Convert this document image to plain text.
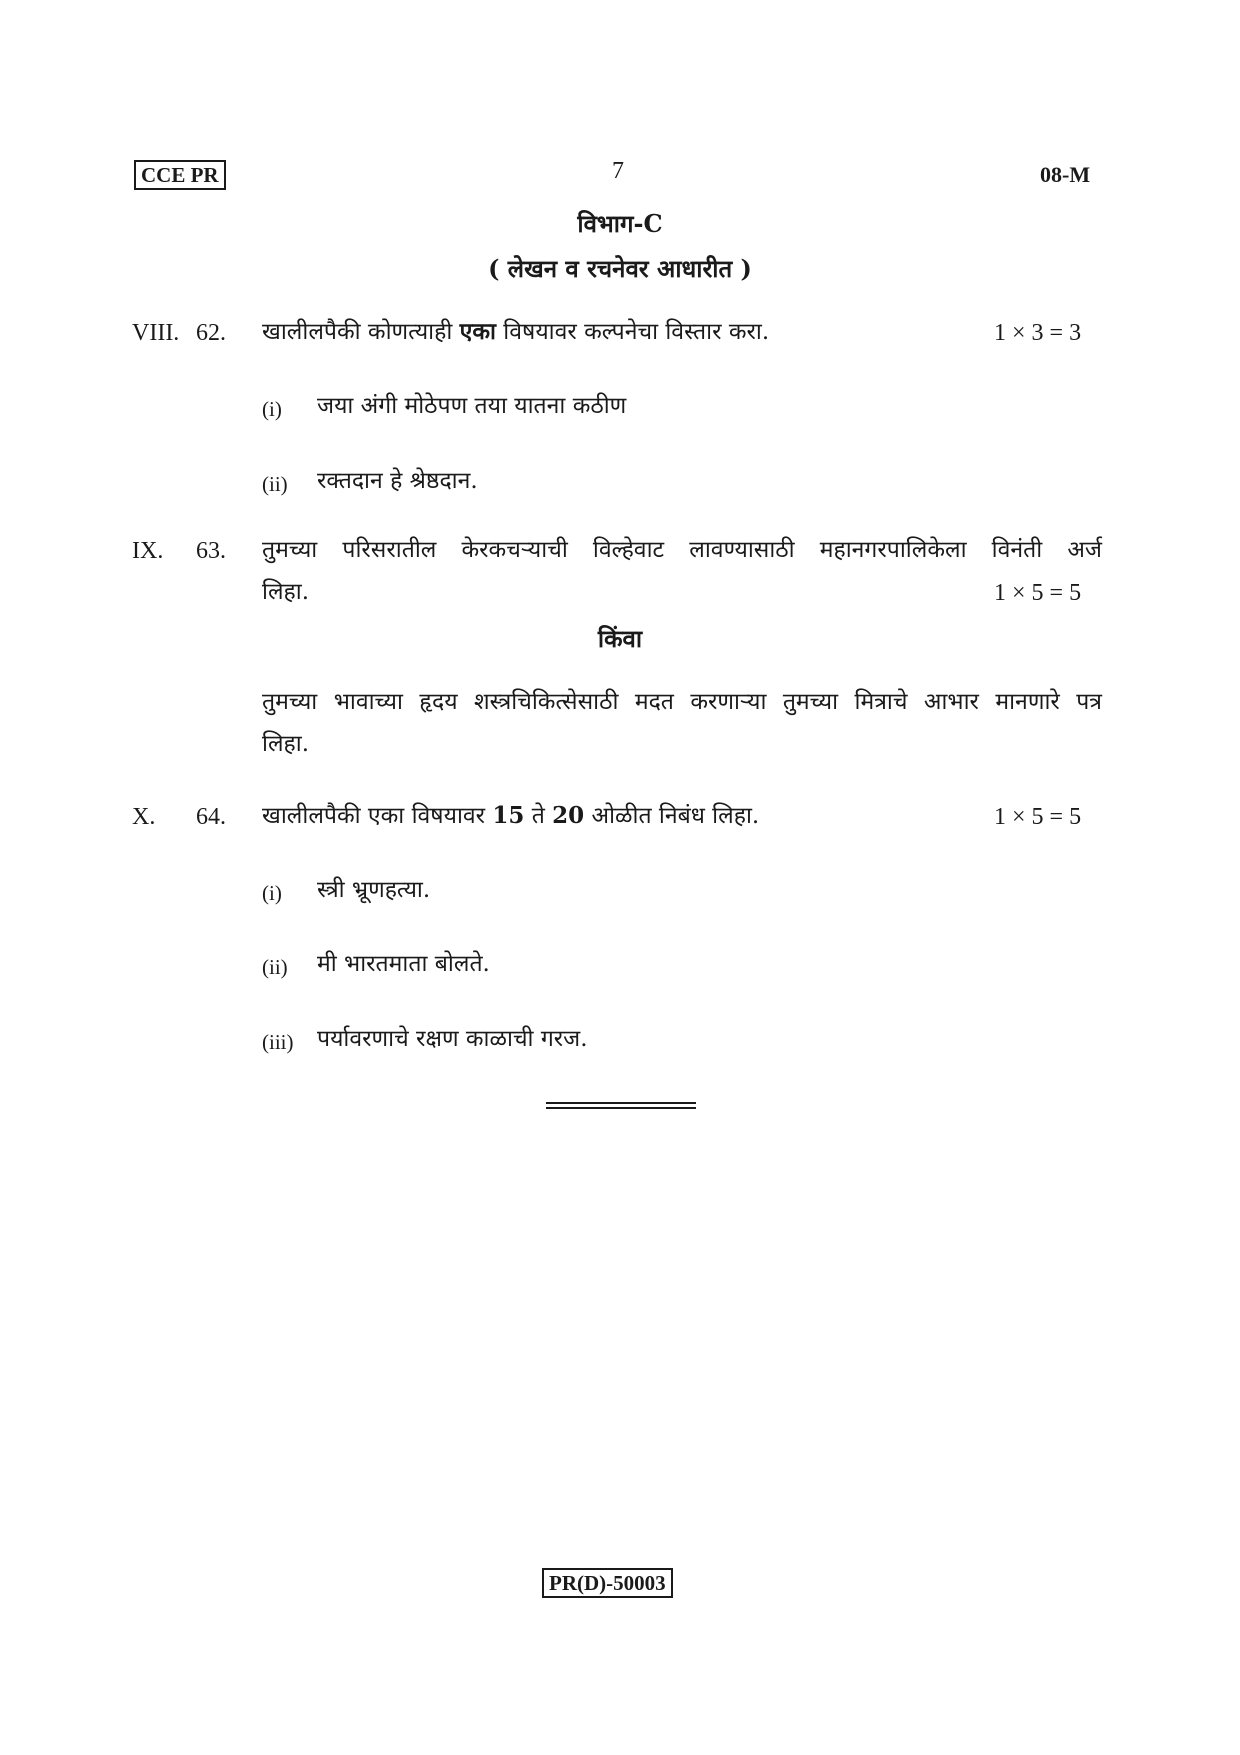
CCE PR	7	08-M
विभाग-C
( लेखन व रचनेवर आधारीत )
VIII. 62. खालीलपैकी कोणत्याही एका विषयावर कल्पनेचा विस्तार करा.	1 × 3 = 3
(i) जया अंगी मोठेपण तया यातना कठीण
(ii) रक्तदान हे श्रेष्ठदान.
IX. 63. तुमच्या परिसरातील केरकचऱ्याची विल्हेवाट लावण्यासाठी महानगरपालिकेला विनंती अर्ज
लिहा.	1 × 5 = 5
किंवा
तुमच्या भावाच्या हृदय शस्त्रचिकित्सेसाठी मदत करणाऱ्या तुमच्या मित्राचे आभार मानणारे पत्र
लिहा.
X. 64. खालीलपैकी एका विषयावर 15 ते 20 ओळीत निबंध लिहा.	1 × 5 = 5
(i) स्त्री भ्रूणहत्या.
(ii) मी भारतमाता बोलते.
(iii) पर्यावरणाचे रक्षण काळाची गरज.
PR(D)-50003
